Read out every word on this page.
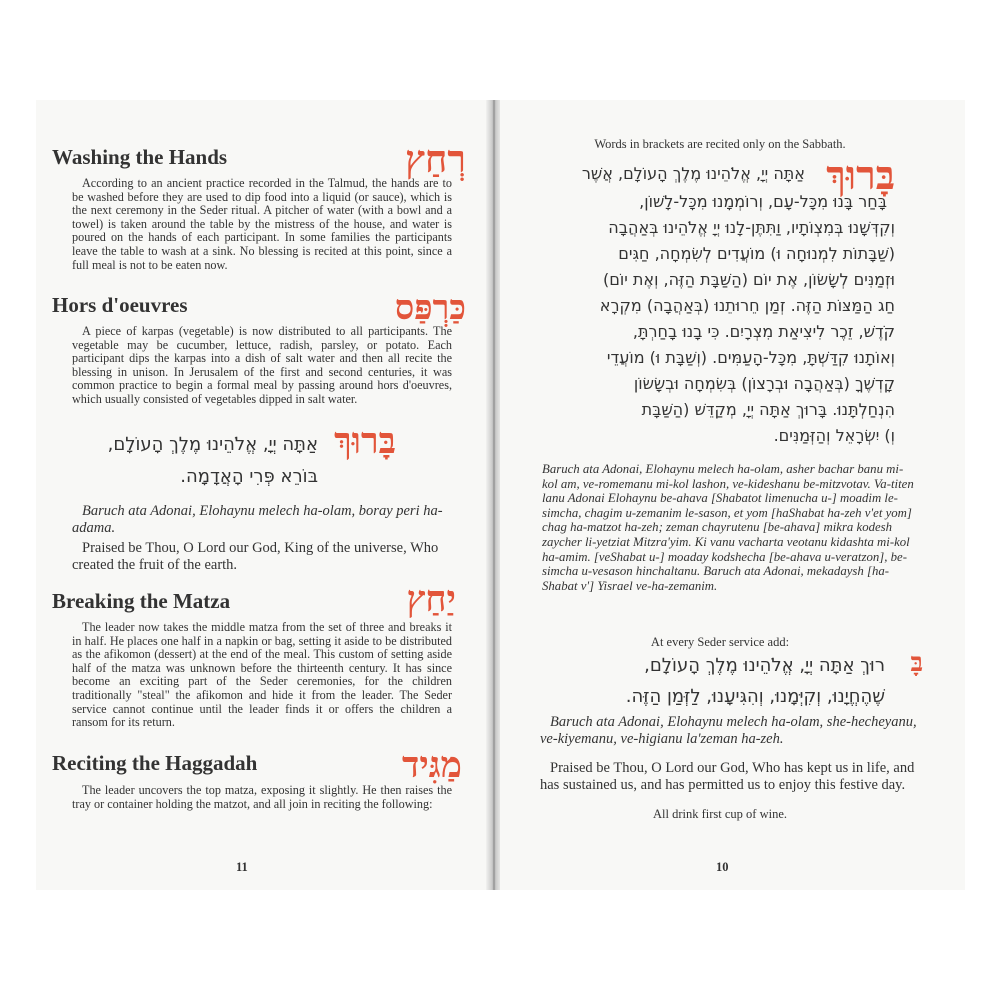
Washing the Hands	רְחַץ
According to an ancient practice recorded in the Talmud, the hands are to be washed before they are used to dip food into a liquid (or sauce), which is the next ceremony in the Seder ritual. A pitcher of water (with a bowl and a towel) is taken around the table by the mistress of the house, and water is poured on the hands of each participant. In some families the participants leave the table to wash at a sink. No blessing is recited at this point, since a full meal is not to be eaten now.
Hors d'oeuvres	כַּרְפַּס
A piece of karpas (vegetable) is now distributed to all participants. The vegetable may be cucumber, lettuce, radish, parsley, or potato. Each participant dips the karpas into a dish of salt water and then all recite the blessing in unison. In Jerusalem of the first and second centuries, it was common practice to begin a formal meal by passing around hors d'oeuvres, which usually consisted of vegetables dipped in salt water.
בָּרוּךְ
אַתָּה יְיָ, אֱלֹהֵינוּ מֶלֶךְ הָעוֹלָם,
בּוֹרֵא פְּרִי הָאֲדָמָה.
Baruch ata Adonai, Elohaynu melech ha-olam, boray peri ha-adama.
Praised be Thou, O Lord our God, King of the universe, Who created the fruit of the earth.
Breaking the Matza	יַחַץ
The leader now takes the middle matza from the set of three and breaks it in half. He places one half in a napkin or bag, setting it aside to be distributed as the afikomon (dessert) at the end of the meal. This custom of setting aside half of the matza was unknown before the thirteenth century. It has since become an exciting part of the Seder ceremonies, for the children traditionally "steal" the afikomon and hide it from the leader. The Seder service cannot continue until the leader finds it or offers the children a ransom for its return.
Reciting the Haggadah	מַגִּיד
The leader uncovers the top matza, exposing it slightly. He then raises the tray or container holding the matzot, and all join in reciting the following:
11
Words in brackets are recited only on the Sabbath.
בָּרוּךְ
אַתָּה יְיָ, אֱלֹהֵינוּ מֶלֶךְ הָעוֹלָם, אֲשֶׁר
בָּחַר בָּנוּ מִכָּל-עָם, וְרוֹמְמָנוּ מִכָּל-לָשׁוֹן,
וְקִדְּשָׁנוּ בְּמִצְוֹתָיו, וַתִּתֶּן-לָנוּ יְיָ אֱלֹהֵינוּ בְּאַהֲבָה
(שַׁבָּתוֹת לִמְנוּחָה וּ) מוֹעֲדִים לְשִׂמְחָה, חַגִּים
וּזְמַנִּים לְשָׂשׂוֹן, אֶת יוֹם (הַשַּׁבָּת הַזֶּה, וְאֶת יוֹם)
חַג הַמַּצּוֹת הַזֶּה. זְמַן חֵרוּתֵנוּ (בְּאַהֲבָה) מִקְרָא
קֹדֶשׁ, זֵכֶר לִיצִיאַת מִצְרָיִם. כִּי בָנוּ בָחַרְתָּ,
וְאוֹתָנוּ קִדַּשְׁתָּ, מִכָּל-הָעַמִּים. (וְשַׁבָּת וּ) מוֹעֲדֵי
קָדְשֶׁךָ (בְּאַהֲבָה וּבְרָצוֹן) בְּשִׂמְחָה וּבְשָׂשׂוֹן
הִנְחַלְתָּנוּ. בָּרוּךְ אַתָּה יְיָ, מְקַדֵּשׁ (הַשַּׁבָּת
וְ) יִשְׂרָאֵל וְהַזְּמַנִּים.
Baruch ata Adonai, Elohaynu melech ha-olam, asher bachar banu mi-kol am, ve-romemanu mi-kol lashon, ve-kideshanu be-mitzvotav. Va-titen lanu Adonai Elohaynu be-ahava [Shabatot limenucha u-] moadim le-simcha, chagim u-zemanim le-sason, et yom [haShabat ha-zeh v'et yom] chag ha-matzot ha-zeh; zeman chayrutenu [be-ahava] mikra kodesh zaycher li-yetziat Mitzra'yim. Ki vanu vacharta veotanu kidashta mi-kol ha-amim. [veShabat u-] moaday kodshecha [be-ahava u-veratzon], be-simcha u-vesason hinchaltanu. Baruch ata Adonai, mekadaysh [ha-Shabat v'] Yisrael ve-ha-zemanim.
At every Seder service add:
בָּ
רוּךְ אַתָּה יְיָ, אֱלֹהֵינוּ מֶלֶךְ הָעוֹלָם,
שֶׁהֶחֱיָנוּ, וְקִיְּמָנוּ, וְהִגִּיעָנוּ, לַזְּמַן הַזֶּה.
Baruch ata Adonai, Elohaynu melech ha-olam, she-hecheyanu, ve-kiyemanu, ve-higianu la'zeman ha-zeh.
Praised be Thou, O Lord our God, Who has kept us in life, and has sustained us, and has permitted us to enjoy this festive day.
All drink first cup of wine.
10
